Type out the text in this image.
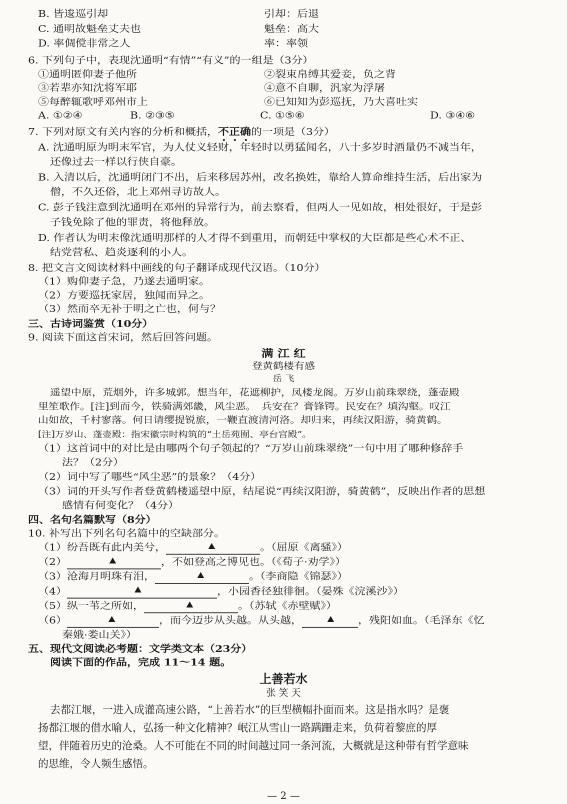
B. 皆逡巡引却	引却：后退
C. 通明故魁垒丈夫也	魁垒：高大
D. 率倜傥非常之人	率：率领
6. 下列句子中，表现沈通明“有情”“有义”的一组是（3分）
①通明匿仰妻子他所	②裂束帛缚其爱妾，负之背
③若辈亦知沈将军耶	④意不自聊，汎家为浮屠
⑤每醉辄歌呼邓州市上	⑥已知知为彭巡抚，乃大喜吐实
A. ①②④	B. ②③⑤	C. ①⑤⑥	D. ③④⑥
7. 下列对原文有关内容的分析和概括，不正确的一项是（3分）
A. 沈通明原为明末军官，为人仗义轻财，年轻时以勇猛闻名，八十多岁时酒量仍不减当年，
还像过去一样以行侠自豪。
B. 入清以后，沈通明闭门不出，后来移居苏州，改名换姓，靠给人算命维持生活，后出家为
僧，不久还俗，北上邓州寻访故人。
C. 彭子钱注意到沈通明在邓州的异常行为，前去察看，但两人一见如故，相处很好，于是彭
子钱免除了他的罪责，将他释放。
D. 作者认为明末像沈通明那样的人才得不到重用，而朝廷中掌权的大臣都是些心术不正、
结党营私、趋炎逐利的小人。
8. 把文言文阅读材料中画线的句子翻译成现代汉语。（10分）
（1）购仰妻子急，乃遂去通明家。
（2）方要巡抚家居，独闻而异之。
（3）然而卒无补于明之亡也，何与？
三、古诗词鉴赏（10分）
9. 阅读下面这首宋词，然后回答问题。
满 江 红
登黄鹤楼有感
岳 飞
遥望中原，荒烟外，许多城郭。想当年，花遮柳护，凤楼龙阁。万岁山前珠翠绕，蓬壶殿
里笙歌作。[注]到而今，铁骑满郊畿，风尘恶。　兵安在？膏锋锷。民安在？填沟壑。叹江
山如故，千村寥落。何日请缨提锐旅，一鞭直渡清河洛。却归来，再续汉阳游，骑黄鹤。
[注]万岁山、蓬壶殿：指宋徽宗时构筑的“土岳苑囿、亭台宫殿”。
（1）这首词中的对比是由哪两个句子领起的？“万岁山前珠翠绕”一句中用了哪种修辞手
法？（2分）
（2）词中写了哪些“风尘恶”的景象？（4分）
（3）词的开头写作者登黄鹤楼遥望中原，结尾说“再续汉阳游，骑黄鹤”，反映出作者的思想
感情有何变化？（4分）
四、名句名篇默写（8分）
10. 补写出下列名句名篇中的空缺部分。
（1）纷吾既有此内美兮， ▲	。（屈原《离骚》）
（2） ▲	，不如登高之博见也。（《荀子·劝学》）
（3）沧海月明珠有泪， ▲	。（李商隐《锦瑟》）
（4） ▲	，小园香径独徘徊。（晏殊《浣溪沙》）
（5）纵一苇之所如， ▲	。（苏轼《赤壁赋》）
（6） ▲	，而今迈步从头越。从头越， ▲	，残阳如血。（毛泽东《忆
秦娥·娄山关》）
五、现代文阅读必考题：文学类文本（23分）
阅读下面的作品，完成 11～14 题。
— 2 —
上善若水
张 笑 天
去都江堰，一进入成灌高速公路，“上善若水”的巨型横幅扑面而来。这是指水吗？是褒
扬都江堰的借水喻人，弘扬一种文化精神？岷江从雪山一路蹒跚走来，负荷着黎庶的厚
望，伴随着历史的沧桑。人不可能在不同的时间越过同一条河流，大概就是这种带有哲学意味
的思维，令人频生感悟。
